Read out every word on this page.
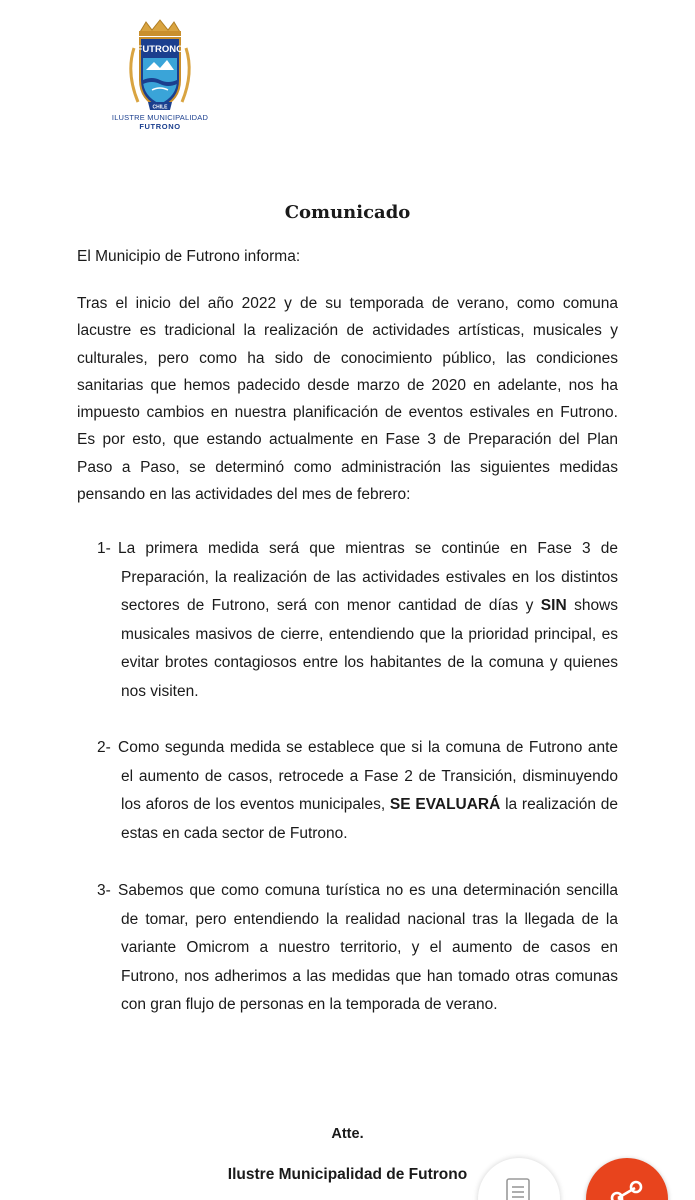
CHILE
FUTRONO
ILUSTRE MUNICIPALIDAD
FUTRONO
Comunicado
El Municipio de Futrono informa:
Tras el inicio del año 2022 y de su temporada de verano, como comuna lacustre es tradicional la realización de actividades artísticas, musicales y culturales, pero como ha sido de conocimiento público, las condiciones sanitarias que hemos padecido desde marzo de 2020 en adelante, nos ha impuesto cambios en nuestra planificación de eventos estivales en Futrono. Es por esto, que estando actualmente en Fase 3 de Preparación del Plan Paso a Paso, se determinó como administración las siguientes medidas pensando en las actividades del mes de febrero:
1- La primera medida será que mientras se continúe en Fase 3 de Preparación, la realización de las actividades estivales en los distintos sectores de Futrono, será con menor cantidad de días y SIN shows musicales masivos de cierre, entendiendo que la prioridad principal, es evitar brotes contagiosos entre los habitantes de la comuna y quienes nos visiten.
2- Como segunda medida se establece que si la comuna de Futrono ante el aumento de casos, retrocede a Fase 2 de Transición, disminuyendo los aforos de los eventos municipales, SE EVALUARÁ la realización de estas en cada sector de Futrono.
3- Sabemos que como comuna turística no es una determinación sencilla de tomar, pero entendiendo la realidad nacional tras la llegada de la variante Omicrom a nuestro territorio, y el aumento de casos en Futrono, nos adherimos a las medidas que han tomado otras comunas con gran flujo de personas en la temporada de verano.
Atte.
Ilustre Municipalidad de Futrono
